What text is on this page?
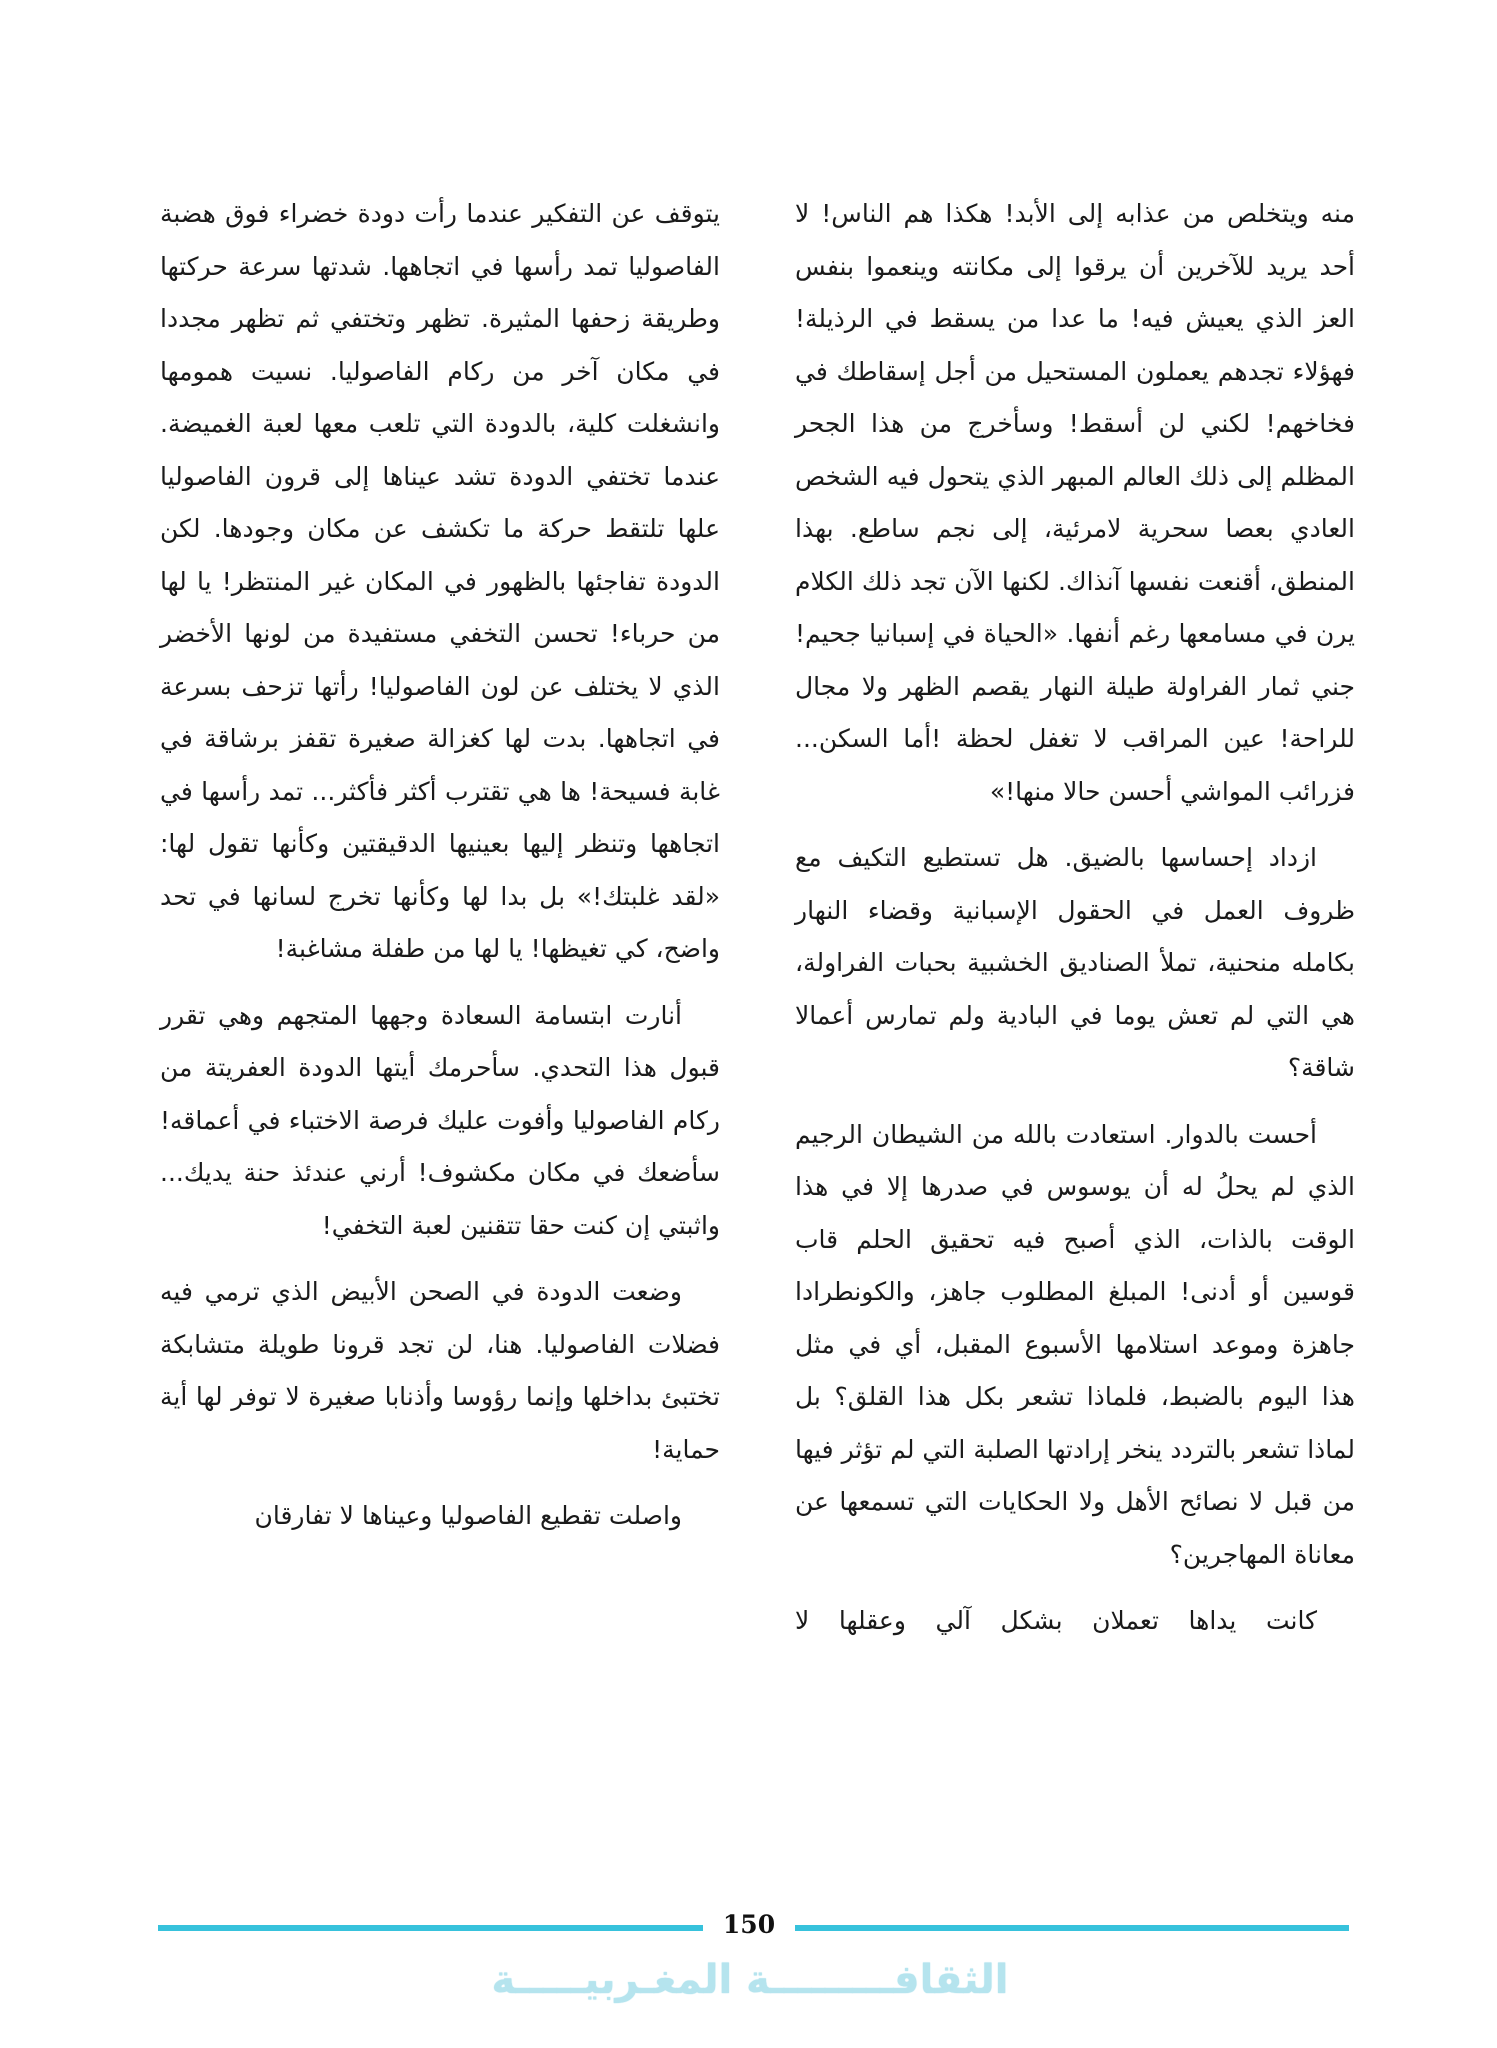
منه ويتخلص من عذابه إلى الأبد! هكذا هم الناس! لا أحد يريد للآخرين أن يرقوا إلى مكانته وينعموا بنفس العز الذي يعيش فيه! ما عدا من يسقط في الرذيلة! فهؤلاء تجدهم يعملون المستحيل من أجل إسقاطك في فخاخهم! لكني لن أسقط! وسأخرج من هذا الجحر المظلم إلى ذلك العالم المبهر الذي يتحول فيه الشخص العادي بعصا سحرية لامرئية، إلى نجم ساطع. بهذا المنطق، أقنعت نفسها آنذاك. لكنها الآن تجد ذلك الكلام يرن في مسامعها رغم أنفها. «الحياة في إسبانيا جحيم! جني ثمار الفراولة طيلة النهار يقصم الظهر ولا مجال للراحة! عين المراقب لا تغفل لحظة !أما السكن... فزرائب المواشي أحسن حالا منها!»

ازداد إحساسها بالضيق. هل تستطيع التكيف مع ظروف العمل في الحقول الإسبانية وقضاء النهار بكامله منحنية، تملأ الصناديق الخشبية بحبات الفراولة، هي التي لم تعش يوما في البادية ولم تمارس أعمالا شاقة؟

أحست بالدوار. استعادت بالله من الشيطان الرجيم الذي لم يحلُ له أن يوسوس في صدرها إلا في هذا الوقت بالذات، الذي أصبح فيه تحقيق الحلم قاب قوسين أو أدنى! المبلغ المطلوب جاهز، والكونطرادا جاهزة وموعد استلامها الأسبوع المقبل، أي في مثل هذا اليوم بالضبط، فلماذا تشعر بكل هذا القلق؟ بل لماذا تشعر بالتردد ينخر إرادتها الصلبة التي لم تؤثر فيها من قبل لا نصائح الأهل ولا الحكايات التي تسمعها عن معاناة المهاجرين؟

كانت يداها تعملان بشكل آلي وعقلها لا

يتوقف عن التفكير عندما رأت دودة خضراء فوق هضبة الفاصوليا تمد رأسها في اتجاهها. شدتها سرعة حركتها وطريقة زحفها المثيرة. تظهر وتختفي ثم تظهر مجددا في مكان آخر من ركام الفاصوليا. نسيت همومها وانشغلت كلية، بالدودة التي تلعب معها لعبة الغميضة. عندما تختفي الدودة تشد عيناها إلى قرون الفاصوليا علها تلتقط حركة ما تكشف عن مكان وجودها. لكن الدودة تفاجئها بالظهور في المكان غير المنتظر! يا لها من حرباء! تحسن التخفي مستفيدة من لونها الأخضر الذي لا يختلف عن لون الفاصوليا! رأتها تزحف بسرعة في اتجاهها. بدت لها كغزالة صغيرة تقفز برشاقة في غابة فسيحة! ها هي تقترب أكثر فأكثر... تمد رأسها في اتجاهها وتنظر إليها بعينيها الدقيقتين وكأنها تقول لها: «لقد غلبتك!» بل بدا لها وكأنها تخرج لسانها في تحد واضح، كي تغيظها! يا لها من طفلة مشاغبة!

أنارت ابتسامة السعادة وجهها المتجهم وهي تقرر قبول هذا التحدي. سأحرمك أيتها الدودة العفريتة من ركام الفاصوليا وأفوت عليك فرصة الاختباء في أعماقه! سأضعك في مكان مكشوف! أرني عندئذ حنة يديك... واثبتي إن كنت حقا تتقنين لعبة التخفي!

وضعت الدودة في الصحن الأبيض الذي ترمي فيه فضلات الفاصوليا. هنا، لن تجد قرونا طويلة متشابكة تختبئ بداخلها وإنما رؤوسا وأذنابا صغيرة لا توفر لها أية حماية!

واصلت تقطيع الفاصوليا وعيناها لا تفارقان

150
الثقافـــــــــة المغـربيـــــة
